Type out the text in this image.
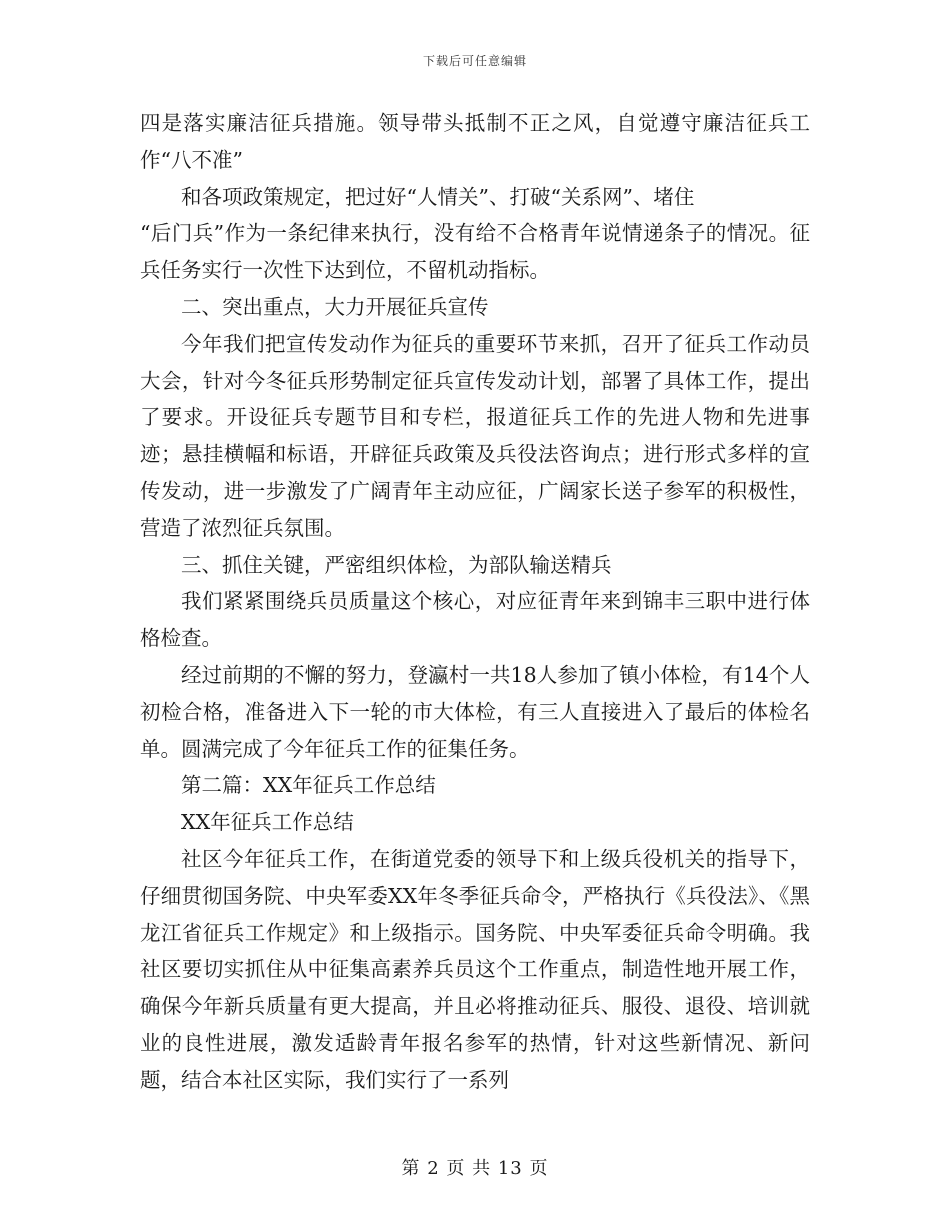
下载后可任意编辑

四是落实廉洁征兵措施。领导带头抵制不正之风，自觉遵守廉洁征兵工作“八不准”

和各项政策规定，把过好“人情关”、打破“关系网”、堵住

“后门兵”作为一条纪律来执行，没有给不合格青年说情递条子的情况。征兵任务实行一次性下达到位，不留机动指标。

二、突出重点，大力开展征兵宣传

今年我们把宣传发动作为征兵的重要环节来抓，召开了征兵工作动员大会，针对今冬征兵形势制定征兵宣传发动计划，部署了具体工作，提出了要求。开设征兵专题节目和专栏，报道征兵工作的先进人物和先进事迹；悬挂横幅和标语，开辟征兵政策及兵役法咨询点；进行形式多样的宣传发动，进一步激发了广阔青年主动应征，广阔家长送子参军的积极性，营造了浓烈征兵氛围。

三、抓住关键，严密组织体检，为部队输送精兵

我们紧紧围绕兵员质量这个核心，对应征青年来到锦丰三职中进行体格检查。

经过前期的不懈的努力，登瀛村一共18人参加了镇小体检，有14个人初检合格，准备进入下一轮的市大体检，有三人直接进入了最后的体检名单。圆满完成了今年征兵工作的征集任务。

第二篇：XX年征兵工作总结

XX年征兵工作总结

社区今年征兵工作，在街道党委的领导下和上级兵役机关的指导下，仔细贯彻国务院、中央军委XX年冬季征兵命令，严格执行《兵役法》、《黑龙江省征兵工作规定》和上级指示。国务院、中央军委征兵命令明确。我社区要切实抓住从中征集高素养兵员这个工作重点，制造性地开展工作，确保今年新兵质量有更大提高，并且必将推动征兵、服役、退役、培训就业的良性进展，激发适龄青年报名参军的热情，针对这些新情况、新问题，结合本社区实际，我们实行了一系列

第 2 页 共 13 页
